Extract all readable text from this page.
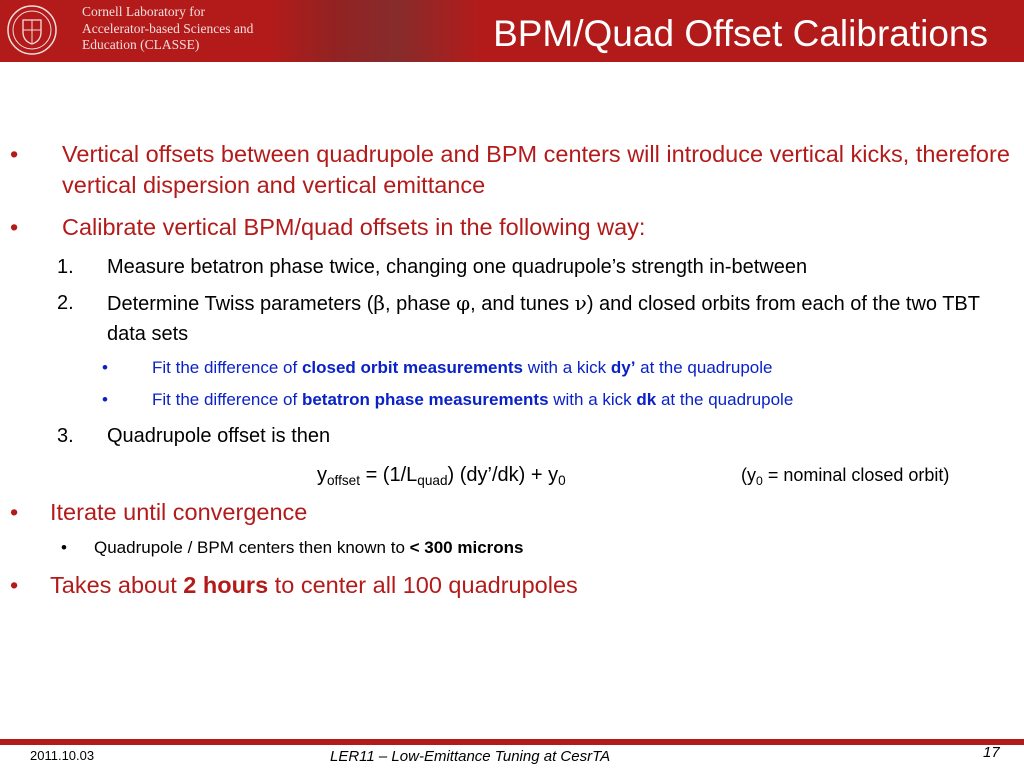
Cornell Laboratory for
Accelerator-based Sciences and
Education (CLASSE)	BPM/Quad Offset Calibrations
• Vertical offsets between quadrupole and BPM centers will introduce vertical kicks, therefore vertical dispersion and vertical emittance
• Calibrate vertical BPM/quad offsets in the following way:
1. Measure betatron phase twice, changing one quadrupole’s strength in-between
2. Determine Twiss parameters (β, phase φ, and tunes ν) and closed orbits from each of the two TBT data sets
•	Fit the difference of closed orbit measurements with a kick dy’ at the quadrupole
•	Fit the difference of betatron phase measurements with a kick dk at the quadrupole
3. Quadrupole offset is then
$y_{offset} = (1/L_{quad})$ (dy’/dk) + $y_0$	($y_0$ = nominal closed orbit)
• Iterate until convergence
• Quadrupole / BPM centers then known to < 300 microns
• Takes about 2 hours to center all 100 quadrupoles
2011.10.03	LER11 – Low-Emittance Tuning at CesrTA	17
